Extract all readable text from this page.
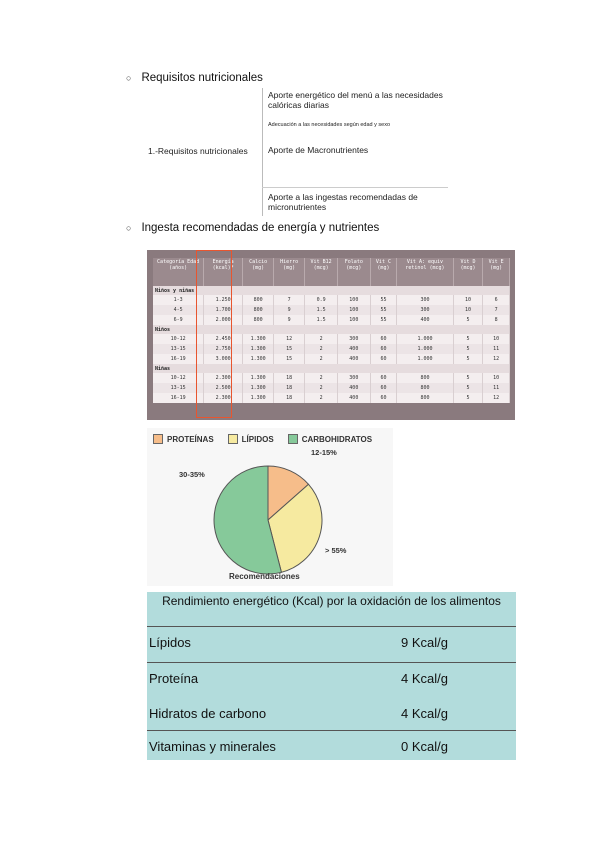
○ Requisitos nutricionales
1.-Requisitos nutricionales
Aporte energético del menú a las necesidades calóricas diarias
Adecuación a las necesidades según edad y sexo
Aporte de Macronutrientes
Aporte a las ingestas recomendadas de micronutrientes
○ Ingesta recomendadas de energía y nutrientes
Categoría Edad (años)	Energía (kcal)*	Calcio (mg)	Hierro (mg)	Vit B12 (mcg)	Folato (mcg)	Vit C (mg)	Vit A: equiv retinol (mcg)	Vit D (mcg)	Vit E (mg)
Niños y niñas									
1-3	1.250	800	7	0.9	100	55	300	10	6
4-5	1.700	800	9	1.5	100	55	300	10	7
6-9	2.000	800	9	1.5	100	55	400	5	8
Niños									
10-12	2.450	1.300	12	2	300	60	1.000	5	10
13-15	2.750	1.300	15	2	400	60	1.000	5	11
16-19	3.000	1.300	15	2	400	60	1.000	5	12
Niñas									
10-12	2.300	1.300	18	2	300	60	800	5	10
13-15	2.500	1.300	18	2	400	60	800	5	11
16-19	2.300	1.300	18	2	400	60	800	5	12
PROTEÍNAS	LÍPIDOS	CARBOHIDRATOS
12-15%
30-35%
> 55%
Recomendaciones
Rendimiento energético (Kcal) por la oxidación de los alimentos
Lípidos	9 Kcal/g
Proteína	4 Kcal/g
Hidratos de carbono	4 Kcal/g
Vitaminas y minerales	0 Kcal/g
